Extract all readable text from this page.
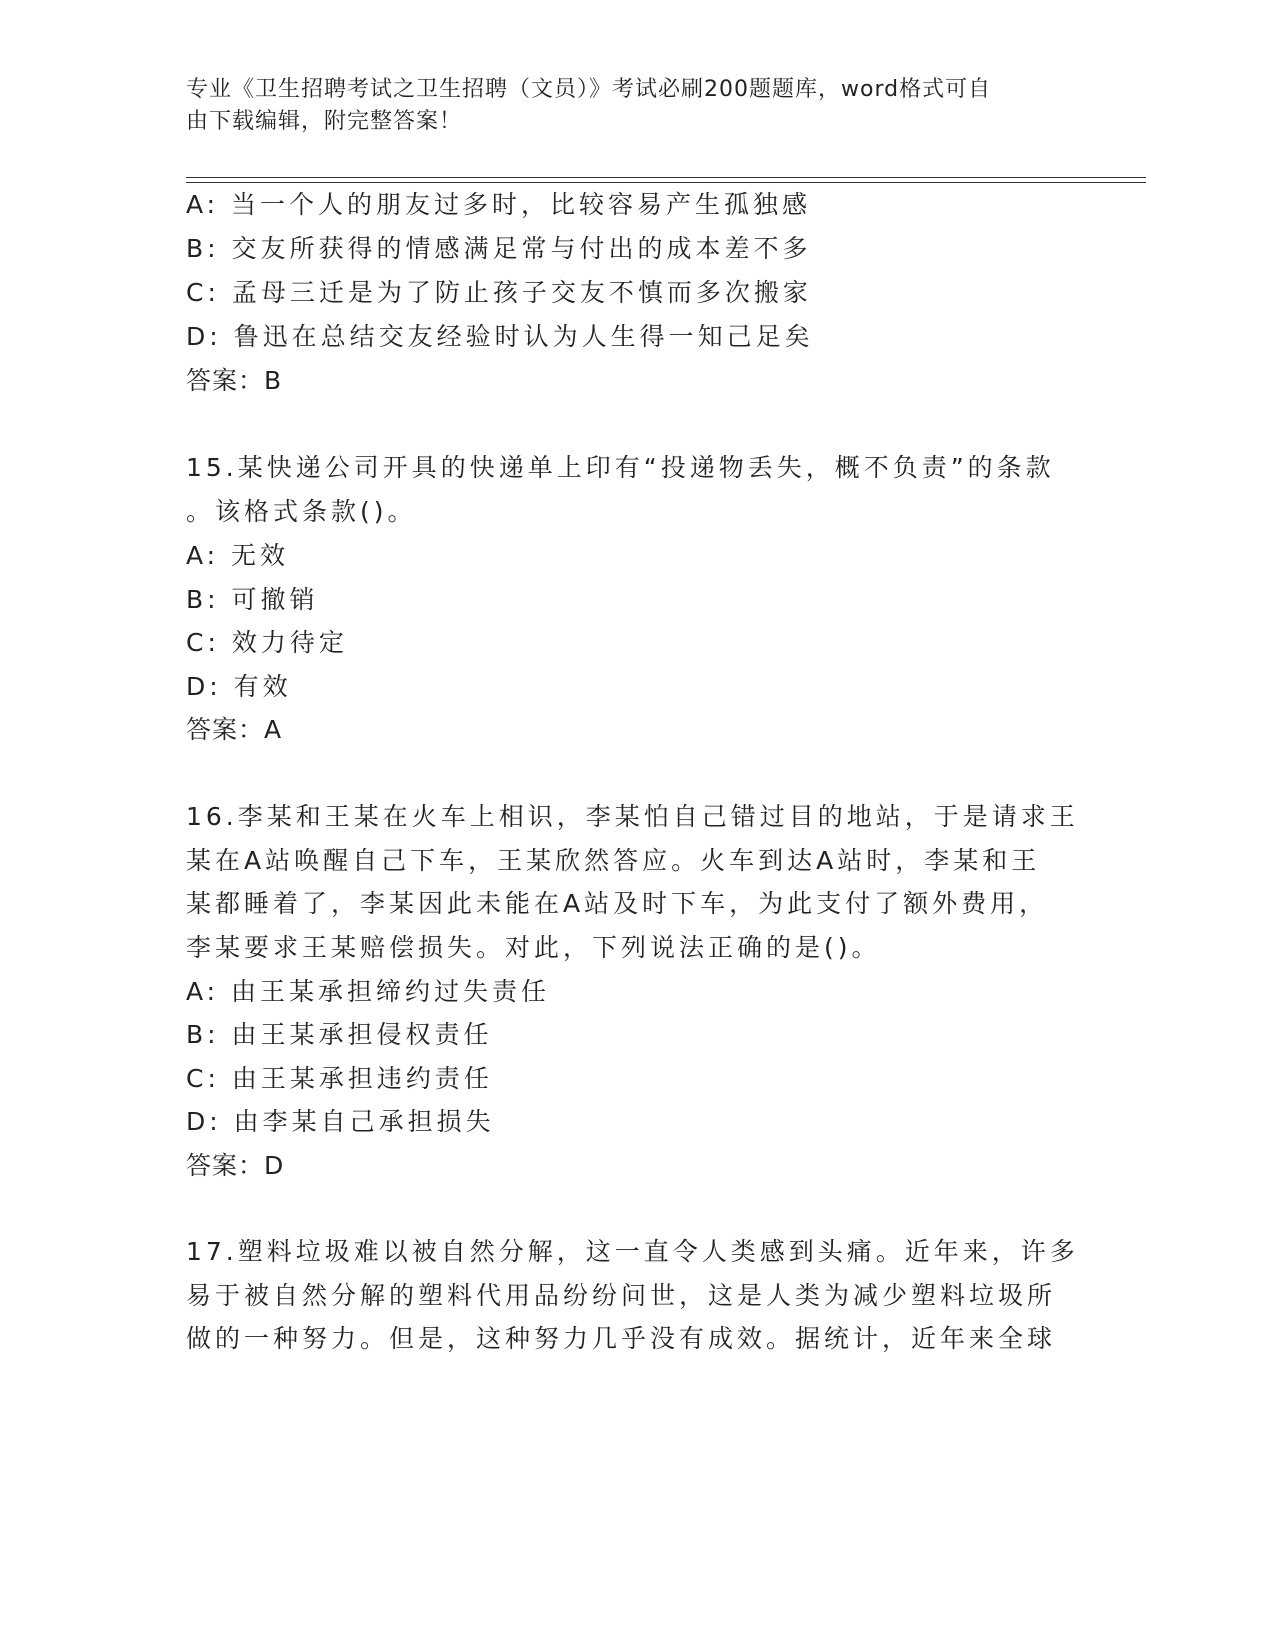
专业《卫生招聘考试之卫生招聘（文员）》考试必刷200题题库，word格式可自
由下载编辑，附完整答案！
A: 当一个人的朋友过多时，比较容易产生孤独感
B: 交友所获得的情感满足常与付出的成本差不多
C: 孟母三迁是为了防止孩子交友不慎而多次搬家
D: 鲁迅在总结交友经验时认为人生得一知己足矣
答案：B
15.某快递公司开具的快递单上印有“投递物丢失，概不负责”的条款
。该格式条款()。
A: 无效
B: 可撤销
C: 效力待定
D: 有效
答案：A
16.李某和王某在火车上相识，李某怕自己错过目的地站，于是请求王
某在A站唤醒自己下车，王某欣然答应。火车到达A站时，李某和王
某都睡着了，李某因此未能在A站及时下车，为此支付了额外费用，
李某要求王某赔偿损失。对此，下列说法正确的是()。
A: 由王某承担缔约过失责任
B: 由王某承担侵权责任
C: 由王某承担违约责任
D: 由李某自己承担损失
答案：D
17.塑料垃圾难以被自然分解，这一直令人类感到头痛。近年来，许多
易于被自然分解的塑料代用品纷纷问世，这是人类为减少塑料垃圾所
做的一种努力。但是，这种努力几乎没有成效。据统计，近年来全球
